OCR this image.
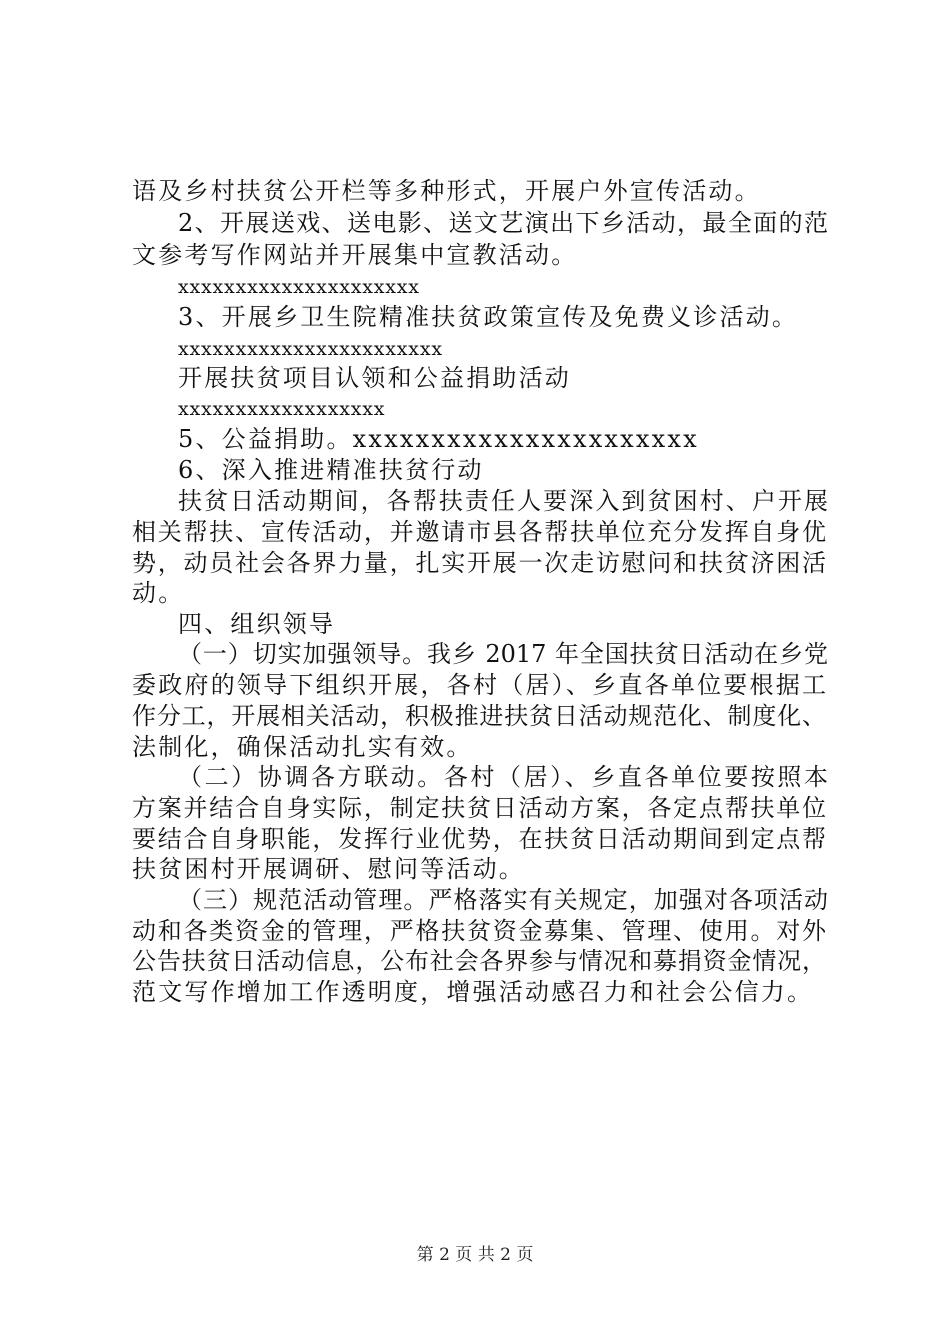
语及乡村扶贫公开栏等多种形式，开展户外宣传活动。
2、开展送戏、送电影、送文艺演出下乡活动，最全面的范
文参考写作网站并开展集中宣教活动。
xxxxxxxxxxxxxxxxxxxxx
3、开展乡卫生院精准扶贫政策宣传及免费义诊活动。
xxxxxxxxxxxxxxxxxxxxxxx
开展扶贫项目认领和公益捐助活动
xxxxxxxxxxxxxxxxxx
5、公益捐助。xxxxxxxxxxxxxxxxxxxxxx
6、深入推进精准扶贫行动
扶贫日活动期间，各帮扶责任人要深入到贫困村、户开展
相关帮扶、宣传活动，并邀请市县各帮扶单位充分发挥自身优
势，动员社会各界力量，扎实开展一次走访慰问和扶贫济困活
动。
四、组织领导
（一）切实加强领导。我乡 2017 年全国扶贫日活动在乡党
委政府的领导下组织开展，各村（居）、乡直各单位要根据工
作分工，开展相关活动，积极推进扶贫日活动规范化、制度化、
法制化，确保活动扎实有效。
（二）协调各方联动。各村（居）、乡直各单位要按照本
方案并结合自身实际，制定扶贫日活动方案，各定点帮扶单位
要结合自身职能，发挥行业优势，在扶贫日活动期间到定点帮
扶贫困村开展调研、慰问等活动。
（三）规范活动管理。严格落实有关规定，加强对各项活动
动和各类资金的管理，严格扶贫资金募集、管理、使用。对外
公告扶贫日活动信息，公布社会各界参与情况和募捐资金情况，
范文写作增加工作透明度，增强活动感召力和社会公信力。
第 2 页 共 2 页
